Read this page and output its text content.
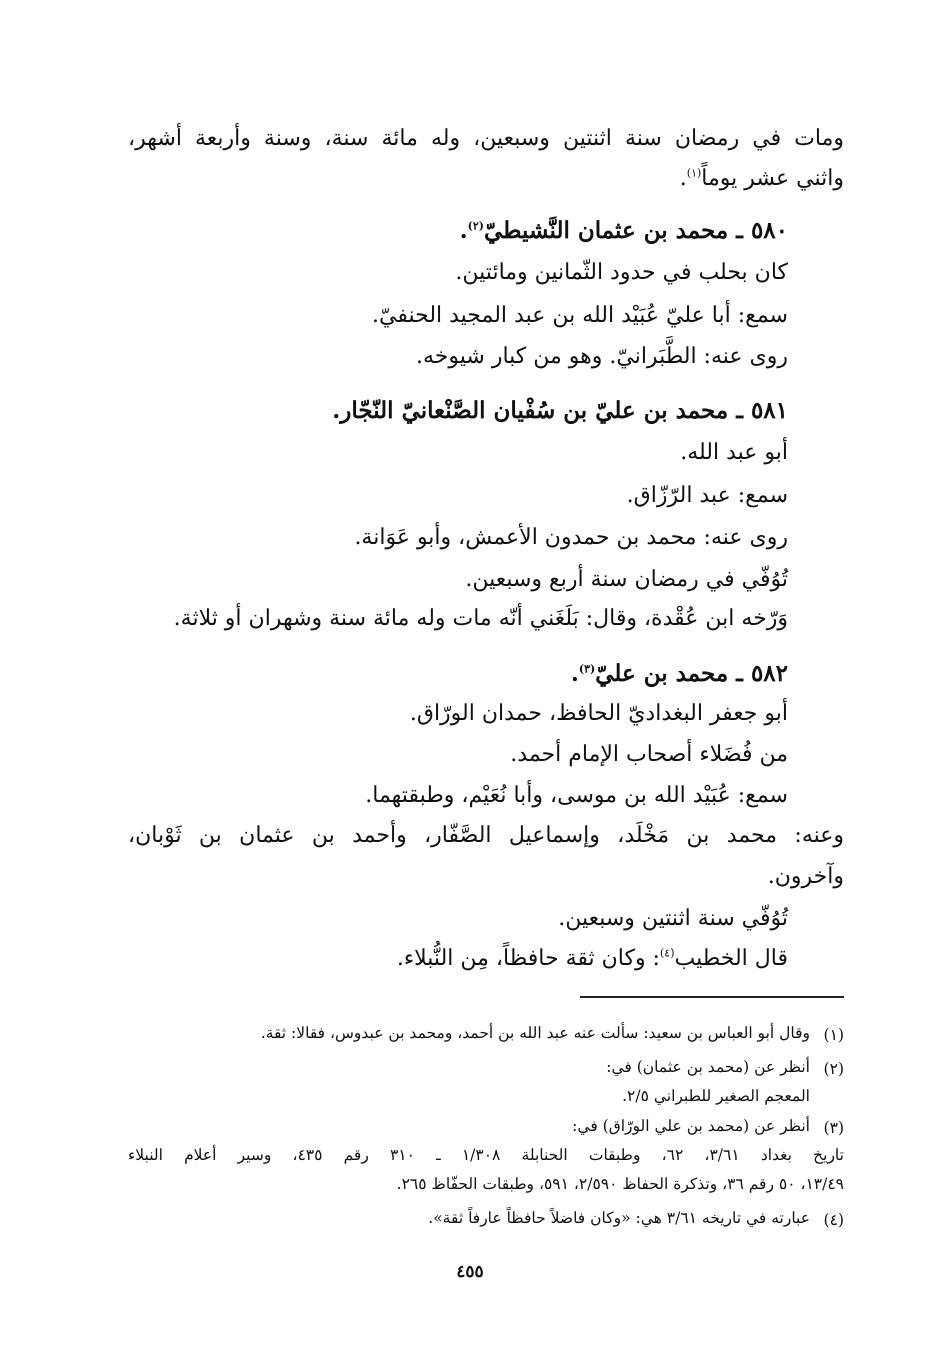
ومات في رمضان سنة اثنتين وسبعين، وله مائة سنة، وسنة وأربعة أشهر،
واثني عشر يوماً$^{(١)}$.
٥٨٠ ـ محمد بن عثمان النَّشيطيّ$^{(٢)}$.
كان بحلب في حدود الثّمانين ومائتين.
سمع: أبا عليّ عُبَيْد الله بن عبد المجيد الحنفيّ.
روى عنه: الطَّبَرانيّ. وهو من كبار شيوخه.
٥٨١ ـ محمد بن عليّ بن سُفْيان الصَّنْعانيّ النّجّار.
أبو عبد الله.
سمع: عبد الرّزّاق.
روى عنه: محمد بن حمدون الأعمش، وأبو عَوَانة.
تُوُفّي في رمضان سنة أربع وسبعين.
وَرّخه ابن عُقْدة، وقال: بَلَغَني أنّه مات وله مائة سنة وشهران أو ثلاثة.
٥٨٢ ـ محمد بن عليّ$^{(٣)}$.
أبو جعفر البغداديّ الحافظ، حمدان الورّاق.
من فُضَلاء أصحاب الإمام أحمد.
سمع: عُبَيْد الله بن موسى، وأبا نُعَيْم، وطبقتهما.
وعنه: محمد بن مَخْلَد، وإسماعيل الصَّفّار، وأحمد بن عثمان بن ثَوْبان،
وآخرون.
تُوُفّي سنة اثنتين وسبعين.
قال الخطيب$^{(٤)}$: وكان ثقة حافظاً، مِن النُّبلاء.
(١)
وقال أبو العباس بن سعيد: سألت عنه عبد الله بن أحمد، ومحمد بن عبدوس، فقالا: ثقة.
(٢)
أنظر عن (محمد بن عثمان) في:
المعجم الصغير للطبراني ٢/٥.
(٣)
أنظر عن (محمد بن علي الورّاق) في:
تاريخ بغداد ٣/٦١، ٦٢، وطبقات الحنابلة ١/٣٠٨ ـ ٣١٠ رقم ٤٣٥، وسير أعلام النبلاء
١٣/٤٩، ٥٠ رقم ٣٦، وتذكرة الحفاظ ٢/٥٩٠، ٥٩١، وطبقات الحفّاظ ٢٦٥.
(٤)
عبارته في تاريخه ٣/٦١ هي: «وكان فاضلاً حافظاً عارفاً ثقة».
٤٥٥
